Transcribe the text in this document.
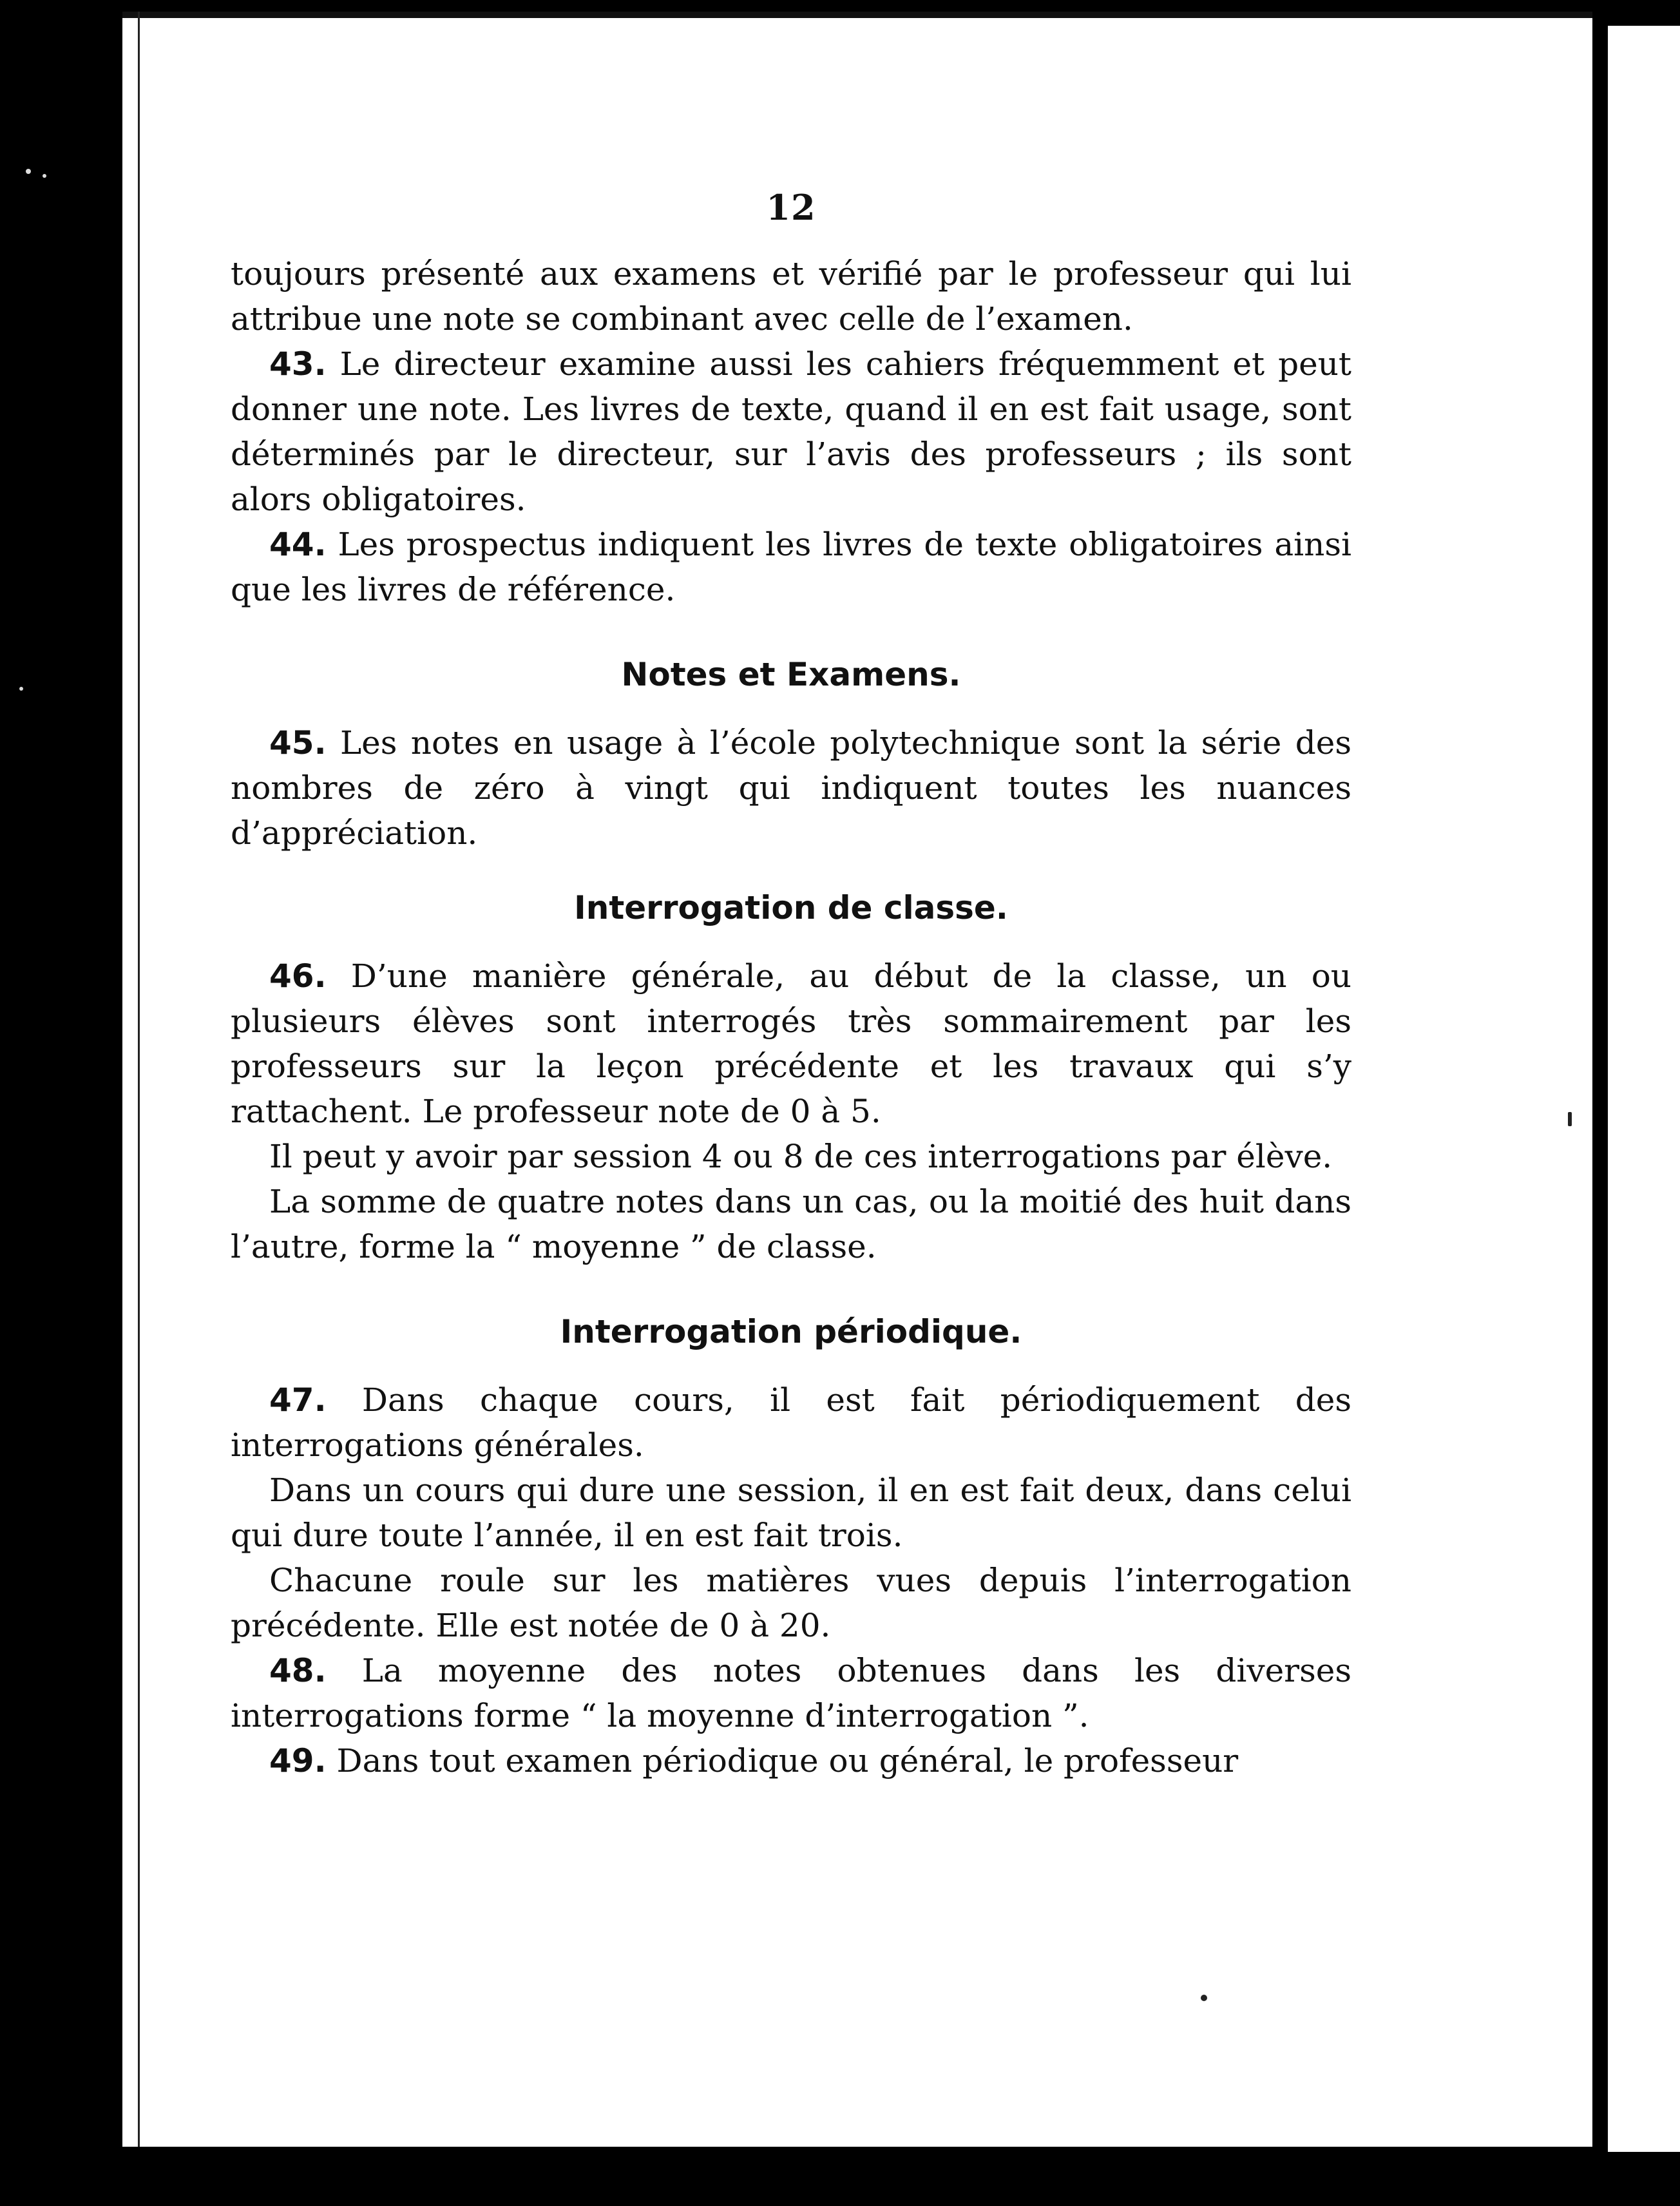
12

toujours présenté aux examens et vérifié par le professeur qui lui attribue une note se combinant avec celle de l’examen.

43. Le directeur examine aussi les cahiers fréquemment et peut donner une note. Les livres de texte, quand il en est fait usage, sont déterminés par le directeur, sur l’avis des professeurs ; ils sont alors obligatoires.

44. Les prospectus indiquent les livres de texte obligatoires ainsi que les livres de référence.

Notes et Examens.

45. Les notes en usage à l’école polytechnique sont la série des nombres de zéro à vingt qui indiquent toutes les nuances d’appréciation.

Interrogation de classe.

46. D’une manière générale, au début de la classe, un ou plusieurs élèves sont interrogés très sommairement par les professeurs sur la leçon précédente et les travaux qui s’y rattachent. Le professeur note de 0 à 5.

Il peut y avoir par session 4 ou 8 de ces interrogations par élève.

La somme de quatre notes dans un cas, ou la moitié des huit dans l’autre, forme la “ moyenne ” de classe.

Interrogation périodique.

47. Dans chaque cours, il est fait périodiquement des interrogations générales.

Dans un cours qui dure une session, il en est fait deux, dans celui qui dure toute l’année, il en est fait trois.

Chacune roule sur les matières vues depuis l’interrogation précédente. Elle est notée de 0 à 20.

48. La moyenne des notes obtenues dans les diverses interrogations forme “ la moyenne d’interrogation ”.

49. Dans tout examen périodique ou général, le professeur
